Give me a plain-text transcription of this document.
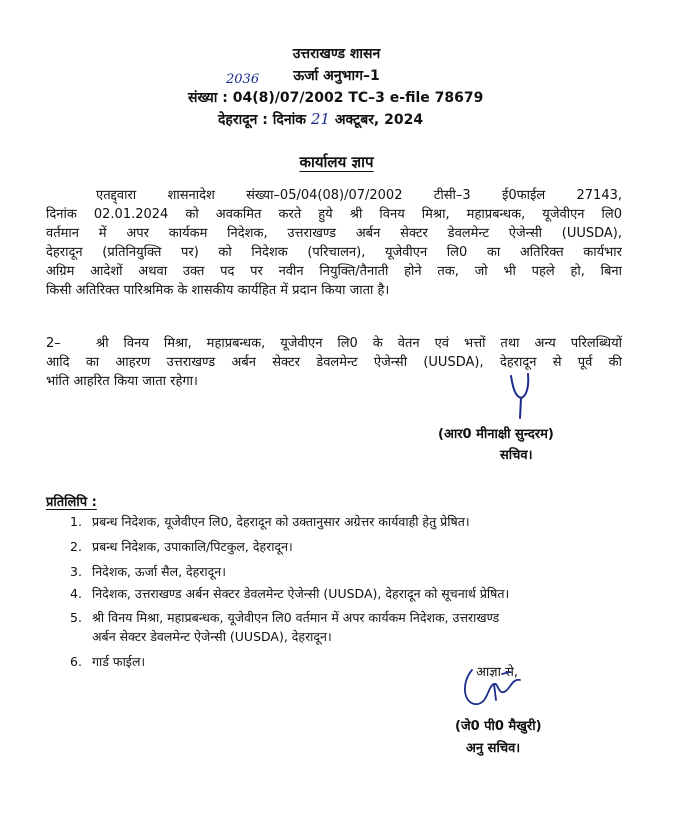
उत्तराखण्ड शासन
ऊर्जा अनुभाग–1
संख्या :
2036
04(8)/07/2002 TC–3 e-file 78679
देहरादून : दिनांक 21 अक्टूबर, 2024
कार्यालय ज्ञाप
एतद्द्वारा शासनादेश संख्या–05/04(08)/07/2002 टीसी–3 ई0फाईल 27143,
दिनांक 02.01.2024 को अवकमित करते हुये श्री विनय मिश्रा, महाप्रबन्धक, यूजेवीएन लि0
वर्तमान में अपर कार्यकम निदेशक, उत्तराखण्ड अर्बन सेक्टर डेवलमेन्ट ऐजेन्सी (UUSDA),
देहरादून (प्रतिनियुक्ति पर) को निदेशक (परिचालन), यूजेवीएन लि0 का अतिरिक्त कार्यभार
अग्रिम आदेशों अथवा उक्त पद पर नवीन नियुक्ति/तैनाती होने तक, जो भी पहले हो, बिना
किसी अतिरिक्त पारिश्रमिक के शासकीय कार्यहित में प्रदान किया जाता है।
2–	श्री विनय मिश्रा, महाप्रबन्धक, यूजेवीएन लि0 के वेतन एवं भत्तों तथा अन्य परिलब्धियों
आदि का आहरण उत्तराखण्ड अर्बन सेक्टर डेवलमेन्ट ऐजेन्सी (UUSDA), देहरादून से पूर्व की
भांति आहरित किया जाता रहेगा।
(आर0 मीनाक्षी सुन्दरम)
सचिव।
प्रतिलिपि :
1. प्रबन्ध निदेशक, यूजेवीएन लि0, देहरादून को उक्तानुसार अग्रेत्तर कार्यवाही हेतु प्रेषित।
2. प्रबन्ध निदेशक, उपाकालि/पिटकुल, देहरादून।
3. निदेशक, ऊर्जा सैल, देहरादून।
4. निदेशक, उत्तराखण्ड अर्बन सेक्टर डेवलमेन्ट ऐजेन्सी (UUSDA), देहरादून को सूचनार्थ प्रेषित।
5. श्री विनय मिश्रा, महाप्रबन्धक, यूजेवीएन लि0 वर्तमान में अपर कार्यकम निदेशक, उत्तराखण्ड
अर्बन सेक्टर डेवलमेन्ट ऐजेन्सी (UUSDA), देहरादून।
6. गार्ड फाईल।
आज्ञा से,
(जे0 पी0 मैखुरी)
अनु सचिव।
